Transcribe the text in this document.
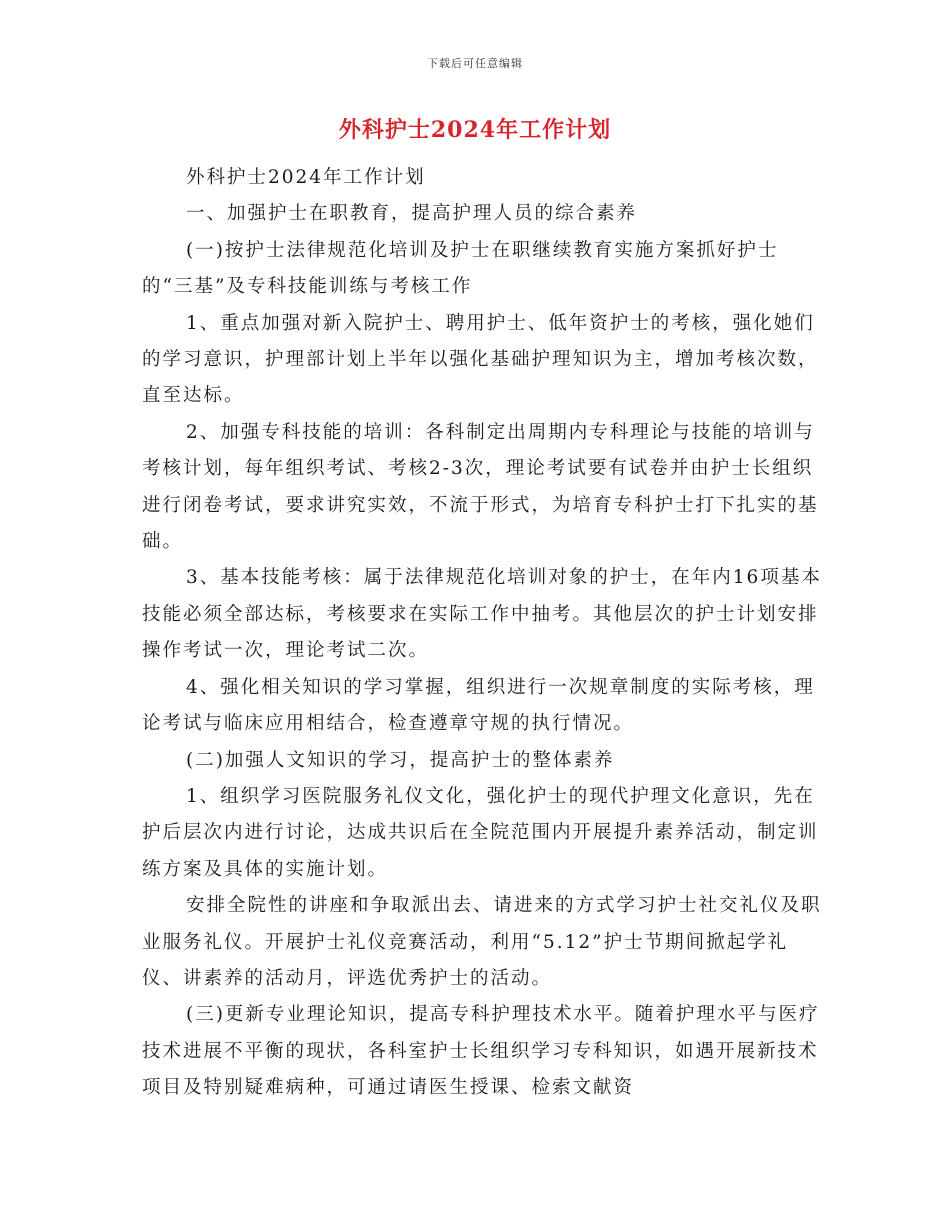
下载后可任意编辑
外科护士2024年工作计划

外科护士2024年工作计划

一、加强护士在职教育，提高护理人员的综合素养

(一)按护士法律规范化培训及护士在职继续教育实施方案抓好护士的“三基”及专科技能训练与考核工作

1、重点加强对新入院护士、聘用护士、低年资护士的考核，强化她们的学习意识，护理部计划上半年以强化基础护理知识为主，增加考核次数，直至达标。

2、加强专科技能的培训：各科制定出周期内专科理论与技能的培训与考核计划，每年组织考试、考核2-3次，理论考试要有试卷并由护士长组织进行闭卷考试，要求讲究实效，不流于形式，为培育专科护士打下扎实的基础。

3、基本技能考核：属于法律规范化培训对象的护士，在年内16项基本技能必须全部达标，考核要求在实际工作中抽考。其他层次的护士计划安排操作考试一次，理论考试二次。

4、强化相关知识的学习掌握，组织进行一次规章制度的实际考核，理论考试与临床应用相结合，检查遵章守规的执行情况。

(二)加强人文知识的学习，提高护士的整体素养

1、组织学习医院服务礼仪文化，强化护士的现代护理文化意识，先在护后层次内进行讨论，达成共识后在全院范围内开展提升素养活动，制定训练方案及具体的实施计划。

安排全院性的讲座和争取派出去、请进来的方式学习护士社交礼仪及职业服务礼仪。开展护士礼仪竞赛活动，利用“5.12”护士节期间掀起学礼仪、讲素养的活动月，评选优秀护士的活动。

(三)更新专业理论知识，提高专科护理技术水平。随着护理水平与医疗技术进展不平衡的现状，各科室护士长组织学习专科知识，如遇开展新技术项目及特别疑难病种，可通过请医生授课、检索文献资
